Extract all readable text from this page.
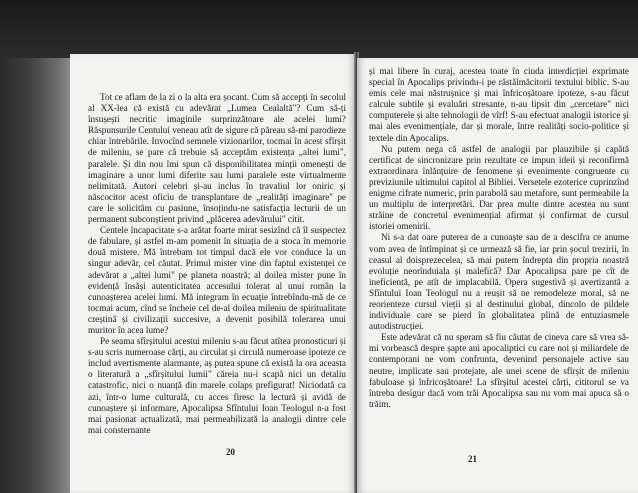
Tot ce aflam de la zi o la alta era șocant. Cum să accepți în secolul al XX-lea că există cu adevărat „Lumea Cealaltă"? Cum să-ți însușești necritic imaginile surprinzătoare ale acelei lumi? Răspunsurile Centului veneau atît de sigure că păreau să-mi parodieze chiar întrebările. Invocînd semnele vizionarilor, tocmai în acest sfîrșit de mileniu, se pare că trebuie să acceptăm existența „altei lumi", paralele. Și din nou îmi spun că disponibilitatea minții omenești de imaginare a unor lumi diferite sau lumi paralele este virtualmente nelimitată. Autori celebri și-au inclus în travaliul lor oniric și născocitor acest oficiu de transplantare de „realități imaginare" pe care le solicităm cu pasiune, însoțindu-ne satisfacția lecturii de un permanent subconștient privind „plăcerea adevărului" citit.

Centele încapacitate s-a arătat foarte mirat sesizînd că îl suspectez de fabulare, și astfel m-am pomenit în situația de a stoca în memorie două mistere. Mă întrebam tot timpul dacă ele vor conduce la un singur adevăr, cel căutat. Primul mister vine din faptul existenței ce adevărat a „altei lumi" pe planeta noastră; al doilea mister pune în evidență însăși autenticitatea accesului tolerat al unui român la cunoașterea acelei lumi. Mă integram în ecuație întrebîndu-mă de ce tocmai acum, cînd se încheie cel de-al doilea mileniu de spiritualitate creștină și civilizații succesive, a devenit posibilă tolerarea unui muritor în acea lume?

Pe seama sfîrșitului acestui mileniu s-au făcut atîtea pronosticuri și s-au scris numeroase cărți, au circulat și circulă numeroase ipoteze ce includ avertismente alarmante, aș putea spune că există la ora aceasta o literatură a „sfîrșitului lumii" căreia nu-i scapă nici un detaliu catastrofic, nici o nuanță din marele colaps prefigurat! Niciodată ca azi, într-o lume culturală, cu acces firesc la lectură și avidă de cunoaștere și informare, Apocalipsa Sfîntului Ioan Teologul n-a fost mai pasionat actualizată, mai permeabilizată la analogii dintre cele mai consternante

20

și mai libere în curaj, acestea toate în ciuda interdicției exprimate special în Apocalips privindu-i pe răstălmăcitorii textului biblic. S-au emis cele mai năstrușnice și mai înfricoșătoare ipoteze, s-au făcut calcule subtile și evaluări stresante, n-au lipsit din „cercetare" nici computerele și alte tehnologii de vîrf! S-au efectuat analogii istorice și mai ales evenimențiale, dar și morale, între realități socio-politice și textele din Apocalips.

Nu putem nega că astfel de analogii par plauzibile și capătă certificat de sincronizare prin rezultate ce impun ideii și reconfirmă extraordinara înlănțuire de fenomene și evenimente congruente cu previziunile ultimului capitol al Bibliei. Versetele ezoterice cuprinzînd enigme cifrate numeric, prin parabolă sau metafore, sunt permeabile la un multiplu de interpretări. Dar prea multe dintre acestea nu sunt străine de concretul evenimențial afirmat și confirmat de cursul istoriei omenirii.

Ni s-a dat oare puterea de a cunoaște sau de a descifra ce anume vom avea de întîmpinat și ce urmează să fie, iar prin șocul trezirii, în ceasul al doisprezecelea, să mai putem îndrepta din propria noastră evoluție neorînduiala și malefică? Dar Apocalipsa pare pe cît de ineficientă, pe atît de implacabilă. Opera sugestivă și avertizantă a Sfîntului Ioan Teologul nu a reușit să ne remodeleze moral, să ne reorienteze cursul vieții și al destinului global, dincolo de pildele individuale care se pierd în globalitatea plină de entuziasmele autodistrucției.

Este adevărat că nu speram să fiu căutat de cineva care să vrea să-mi vorbească despre șapte ani apocaliptici cu care noi și miliardele de contemporani ne vom confrunta, devenind personajele active sau neutre, implicate sau protejate, ale unei scene de sfîrșit de mileniu fabuloase și înfricoșătoare! La sfîrșitul acestei cărți, cititorul se va întreba desigur dacă vom trăi Apocalipsa sau nu vom mai apuca să o trăim.

21
